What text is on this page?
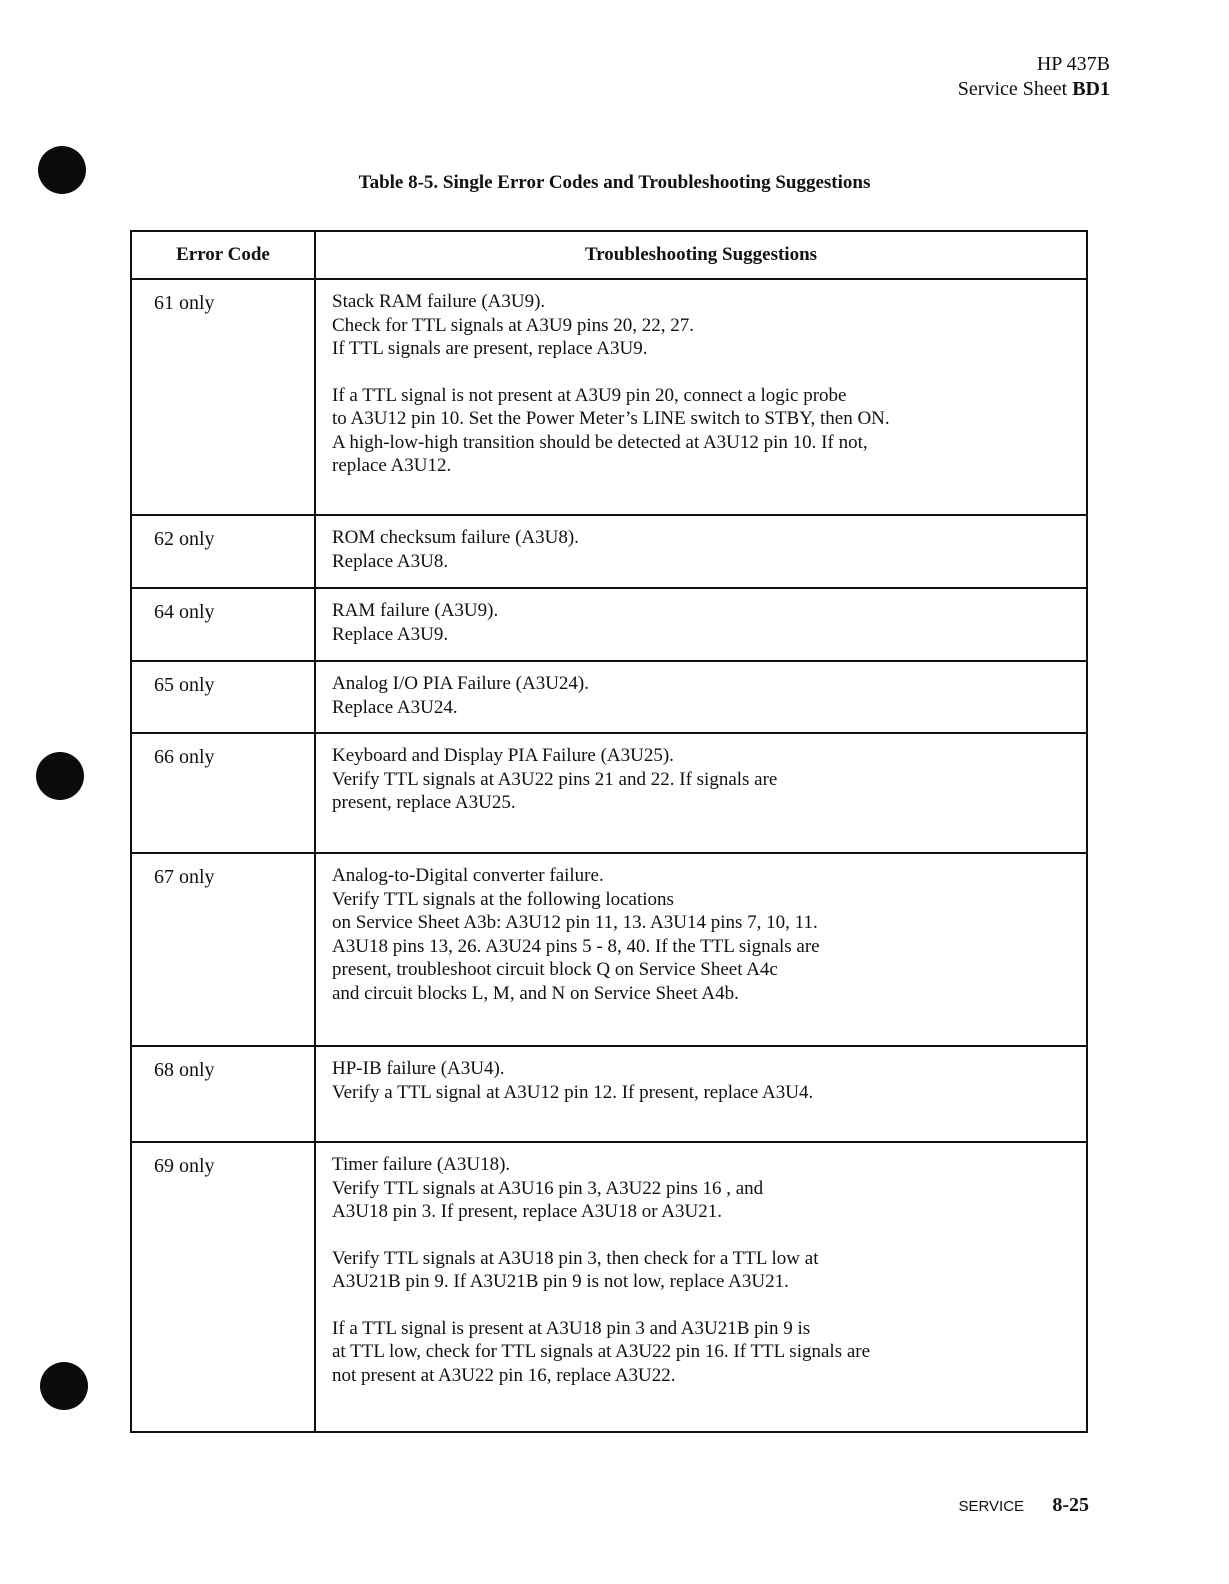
HP 437B
Service Sheet BD1
Table 8-5. Single Error Codes and Troubleshooting Suggestions
Error Code	Troubleshooting Suggestions
61 only	Stack RAM failure (A3U9).
Check for TTL signals at A3U9 pins 20, 22, 27.
If TTL signals are present, replace A3U9.
If a TTL signal is not present at A3U9 pin 20, connect a logic probe
to A3U12 pin 10. Set the Power Meter’s LINE switch to STBY, then ON.
A high-low-high transition should be detected at A3U12 pin 10. If not,
replace A3U12.
62 only	ROM checksum failure (A3U8).
Replace A3U8.
64 only	RAM failure (A3U9).
Replace A3U9.
65 only	Analog I/O PIA Failure (A3U24).
Replace A3U24.
66 only	Keyboard and Display PIA Failure (A3U25).
Verify TTL signals at A3U22 pins 21 and 22. If signals are
present, replace A3U25.
67 only	Analog-to-Digital converter failure.
Verify TTL signals at the following locations
on Service Sheet A3b: A3U12 pin 11, 13. A3U14 pins 7, 10, 11.
A3U18 pins 13, 26. A3U24 pins 5 - 8, 40. If the TTL signals are
present, troubleshoot circuit block Q on Service Sheet A4c
and circuit blocks L, M, and N on Service Sheet A4b.
68 only	HP-IB failure (A3U4).
Verify a TTL signal at A3U12 pin 12. If present, replace A3U4.
69 only	Timer failure (A3U18).
Verify TTL signals at A3U16 pin 3, A3U22 pins 16 , and
A3U18 pin 3. If present, replace A3U18 or A3U21.
Verify TTL signals at A3U18 pin 3, then check for a TTL low at
A3U21B pin 9. If A3U21B pin 9 is not low, replace A3U21.
If a TTL signal is present at A3U18 pin 3 and A3U21B pin 9 is
at TTL low, check for TTL signals at A3U22 pin 16. If TTL signals are
not present at A3U22 pin 16, replace A3U22.
SERVICE 8-25
